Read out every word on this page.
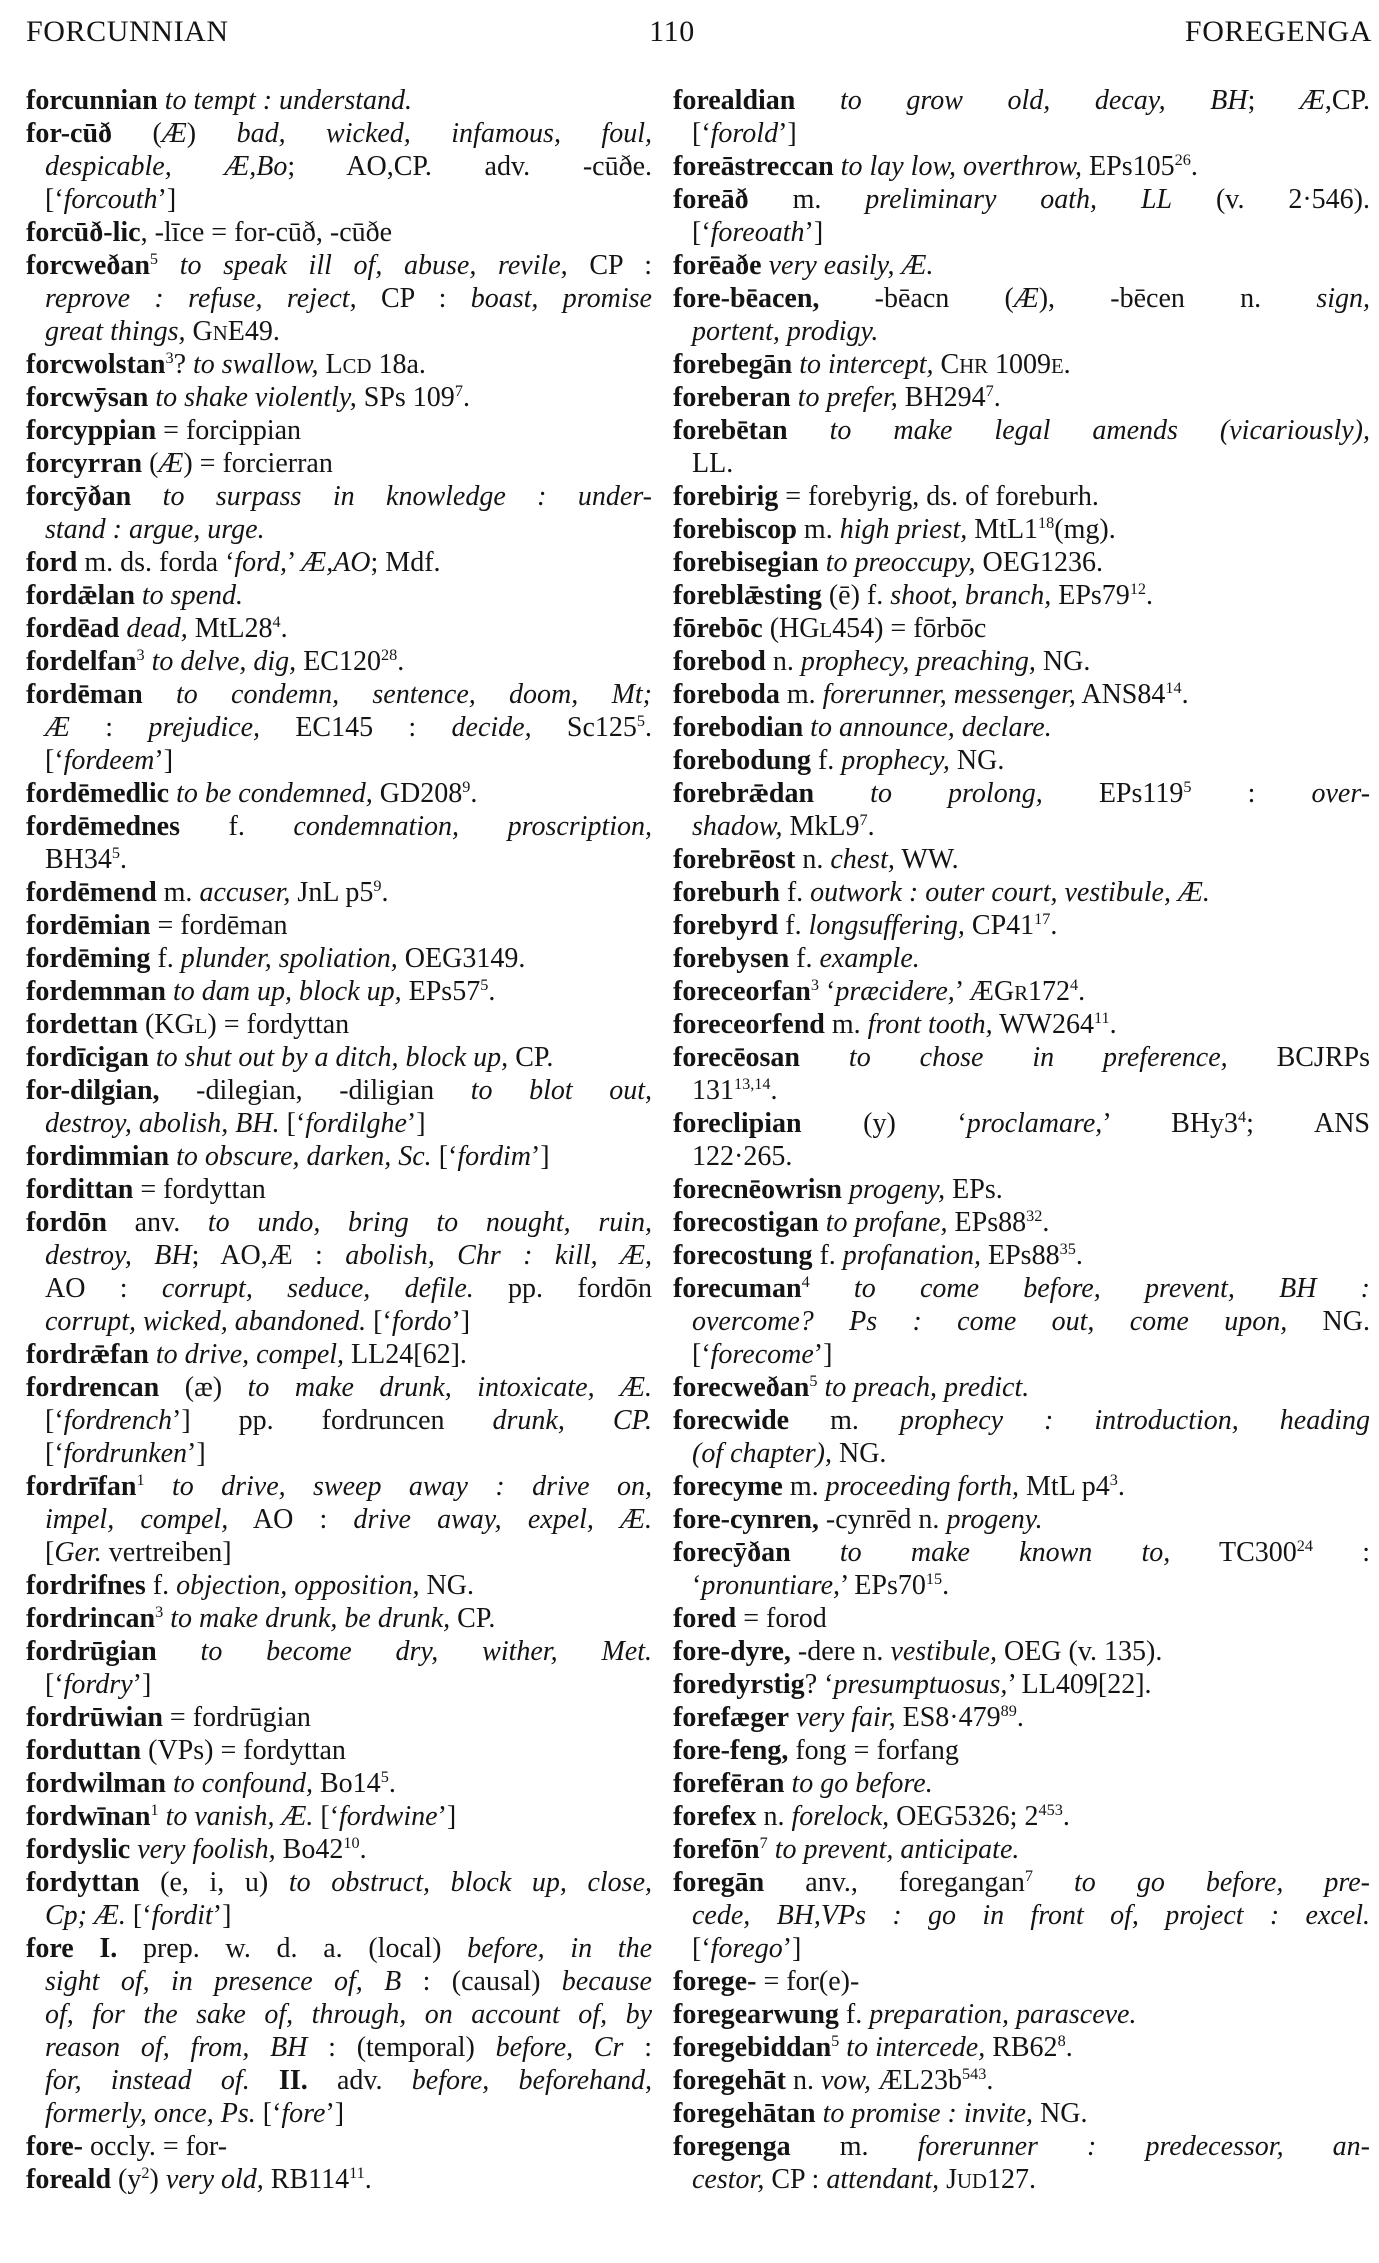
FORCUNNIAN	110	FOREGENGA
forcunnian to tempt : understand.
for-cūð (Æ) bad, wicked, infamous, foul,
despicable, Æ,Bo; AO,CP. adv. -cūðe.
[‘forcouth’]
forcūð-lic, -līce = for-cūð, -cūðe
forcweðan$^5$ to speak ill of, abuse, revile, CP :
reprove : refuse, reject, CP : boast, promise
great things, GNE49.
forcwolstan$^3$? to swallow, LCD 18a.
forcwȳsan to shake violently, SPs $109^7$.
forcyppian = forcippian
forcyrran (Æ) = forcierran
forcȳðan to surpass in knowledge : under-
stand : argue, urge.
ford m. ds. forda ‘ford,’ Æ,AO; Mdf.
fordǣlan to spend.
fordēad dead, $MtL28^4$.
fordelfan$^3$ to delve, dig, $EC120^{28}$.
fordēman to condemn, sentence, doom, Mt;
Æ : prejudice, EC145 : decide, $Sc125^5$.
[‘fordeem’]
fordēmedlic to be condemned, $GD208^9$.
fordēmednes f. condemnation, proscription,
$BH34^5$.
fordēmend m. accuser, JnL $p5^9$.
fordēmian = fordēman
fordēming f. plunder, spoliation, OEG3149.
fordemman to dam up, block up, $EPs57^5$.
fordettan (KGL) = fordyttan
fordīcigan to shut out by a ditch, block up, CP.
for-dilgian, -dilegian, -diligian to blot out,
destroy, abolish, BH. [‘fordilghe’]
fordimmian to obscure, darken, Sc. [‘fordim’]
fordittan = fordyttan
fordōn anv. to undo, bring to nought, ruin,
destroy, BH; AO,Æ : abolish, Chr : kill, Æ,
AO : corrupt, seduce, defile. pp. fordōn
corrupt, wicked, abandoned. [‘fordo’]
fordrǣfan to drive, compel, LL24[62].
fordrencan (æ) to make drunk, intoxicate, Æ.
[‘fordrench’] pp. fordruncen drunk, CP.
[‘fordrunken’]
fordrīfan$^1$ to drive, sweep away : drive on,
impel, compel, AO : drive away, expel, Æ.
[Ger. vertreiben]
fordrifnes f. objection, opposition, NG.
fordrincan$^3$ to make drunk, be drunk, CP.
fordrūgian to become dry, wither, Met.
[‘fordry’]
fordrūwian = fordrūgian
forduttan (VPs) = fordyttan
fordwilman to confound, $Bo14^5$.
fordwīnan$^1$ to vanish, Æ. [‘fordwine’]
fordyslic very foolish, $Bo42^{10}$.
fordyttan (e, i, u) to obstruct, block up, close,
Cp; Æ. [‘fordit’]
fore I. prep. w. d. a. (local) before, in the
sight of, in presence of, B : (causal) because
of, for the sake of, through, on account of, by
reason of, from, BH : (temporal) before, Cr :
for, instead of. II. adv. before, beforehand,
formerly, once, Ps. [‘fore’]
fore- occly. = for-
foreald $(y^2)$ very old, $RB114^{11}$.
forealdian to grow old, decay, BH; Æ,CP.
[‘forold’]
foreāstreccan to lay low, overthrow, $EPs105^{26}$.
foreāð m. preliminary oath, LL (v. 2·546).
[‘foreoath’]
forēaðe very easily, Æ.
fore-bēacen, -bēacn (Æ), -bēcen n. sign,
portent, prodigy.
forebegān to intercept, CHR 1009E.
foreberan to prefer, $BH294^7$.
forebētan to make legal amends (vicariously),
LL.
forebirig = forebyrig, ds. of foreburh.
forebiscop m. high priest, $MtL1^{18}(mg)$.
forebisegian to preoccupy, OEG1236.
foreblǣsting (ē) f. shoot, branch, $EPs79^{12}$.
fōrebōc (HGL454) = fōrbōc
forebod n. prophecy, preaching, NG.
foreboda m. forerunner, messenger, $ANS84^{14}$.
forebodian to announce, declare.
forebodung f. prophecy, NG.
forebrǣdan to prolong, $EPs119^5$ : over-
shadow, $MkL9^7$.
forebrēost n. chest, WW.
foreburh f. outwork : outer court, vestibule, Æ.
forebyrd f. longsuffering, $CP41^{17}$.
forebysen f. example.
foreceorfan$^3$ ‘præcidere,’ $ÆGR172^4$.
foreceorfend m. front tooth, $WW264^{11}$.
forecēosan to chose in preference, BCJRPs
131$^{13,14}$.
foreclipian (y) ‘proclamare,’ $BHy3^4$; ANS
122·265.
forecnēowrisn progeny, EPs.
forecostigan to profane, $EPs88^{32}$.
forecostung f. profanation, $EPs88^{35}$.
forecuman$^4$ to come before, prevent, BH :
overcome? Ps : come out, come upon, NG.
[‘forecome’]
forecweðan$^5$ to preach, predict.
forecwide m. prophecy : introduction, heading
(of chapter), NG.
forecyme m. proceeding forth, MtL $p4^3$.
fore-cynren, -cynrēd n. progeny.
forecȳðan to make known to, $TC300^{24}$ :
‘pronuntiare,’ $EPs70^{15}$.
fored = forod
fore-dyre, -dere n. vestibule, OEG (v. 135).
foredyrstig? ‘presumptuosus,’ LL409[22].
forefæger very fair, $ES8\cdot 479^{89}$.
fore-feng, fong = forfang
forefēran to go before.
forefex n. forelock, OEG5326; $2^{453}$.
forefōn$^7$ to prevent, anticipate.
foregān anv., foregangan$^7$ to go before, pre-
cede, BH,VPs : go in front of, project : excel.
[‘forego’]
forege- = for(e)-
foregearwung f. preparation, parasceve.
foregebiddan$^5$ to intercede, $RB62^8$.
foregehāt n. vow, $ÆL23b^{543}$.
foregehātan to promise : invite, NG.
foregenga m. forerunner : predecessor, an-
cestor, CP : attendant, JUD127.
